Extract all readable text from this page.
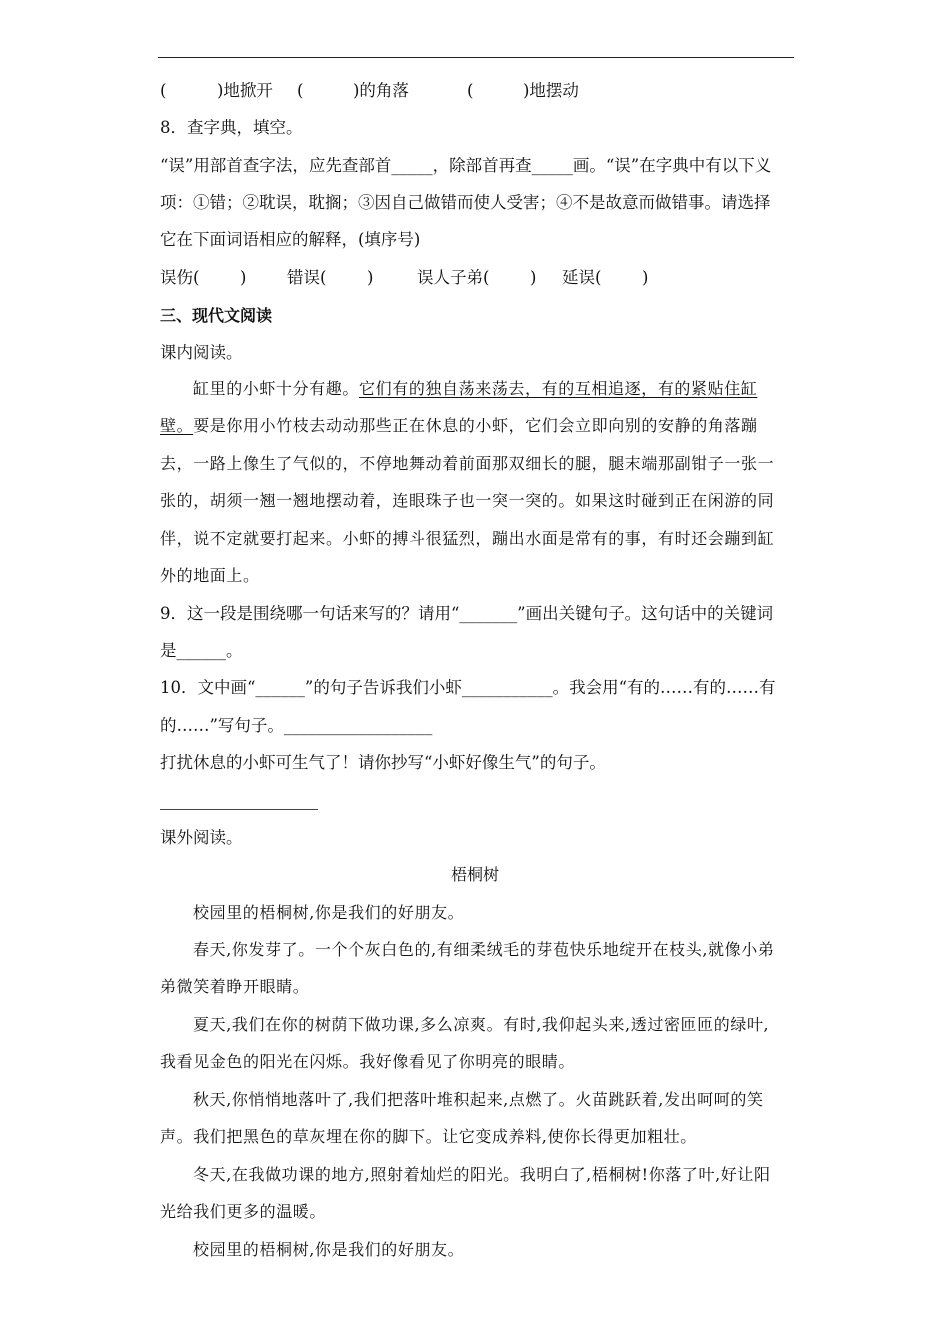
(	)地掀开 (	)的角落	(	)地摆动
8．查字典，填空。
“误”用部首查字法，应先查部首_____，除部首再查_____画。“误”在字典中有以下义
项：①错；②耽误，耽搁；③因自己做错而使人受害；④不是故意而做错事。请选择
它在下面词语相应的解释，(填序号)
误伤( ) 错误( )	误人子弟( ) 延误( )
三、现代文阅读
课内阅读。
缸里的小虾十分有趣。它们有的独自荡来荡去，有的互相追逐，有的紧贴住缸
壁。要是你用小竹枝去动动那些正在休息的小虾，它们会立即向别的安静的角落蹦
去，一路上像生了气似的，不停地舞动着前面那双细长的腿，腿末端那副钳子一张一
张的，胡须一翘一翘地摆动着，连眼珠子也一突一突的。如果这时碰到正在闲游的同
伴，说不定就要打起来。小虾的搏斗很猛烈，蹦出水面是常有的事，有时还会蹦到缸
外的地面上。
9．这一段是围绕哪一句话来写的？请用“_______”画出关键句子。这句话中的关键词
是______。
10．文中画“______”的句子告诉我们小虾___________。我会用“有的……有的……有
的……”写句子。__________________
打扰休息的小虾可生气了！请你抄写“小虾好像生气”的句子。
课外阅读。
梧桐树
校园里的梧桐树,你是我们的好朋友。
春天,你发芽了。一个个灰白色的,有细柔绒毛的芽苞快乐地绽开在枝头,就像小弟
弟微笑着睁开眼睛。
夏天,我们在你的树荫下做功课,多么凉爽。有时,我仰起头来,透过密匝匝的绿叶,
我看见金色的阳光在闪烁。我好像看见了你明亮的眼睛。
秋天,你悄悄地落叶了,我们把落叶堆积起来,点燃了。火苗跳跃着,发出呵呵的笑
声。我们把黑色的草灰埋在你的脚下。让它变成养料,使你长得更加粗壮。
冬天,在我做功课的地方,照射着灿烂的阳光。我明白了,梧桐树!你落了叶,好让阳
光给我们更多的温暖。
校园里的梧桐树,你是我们的好朋友。
